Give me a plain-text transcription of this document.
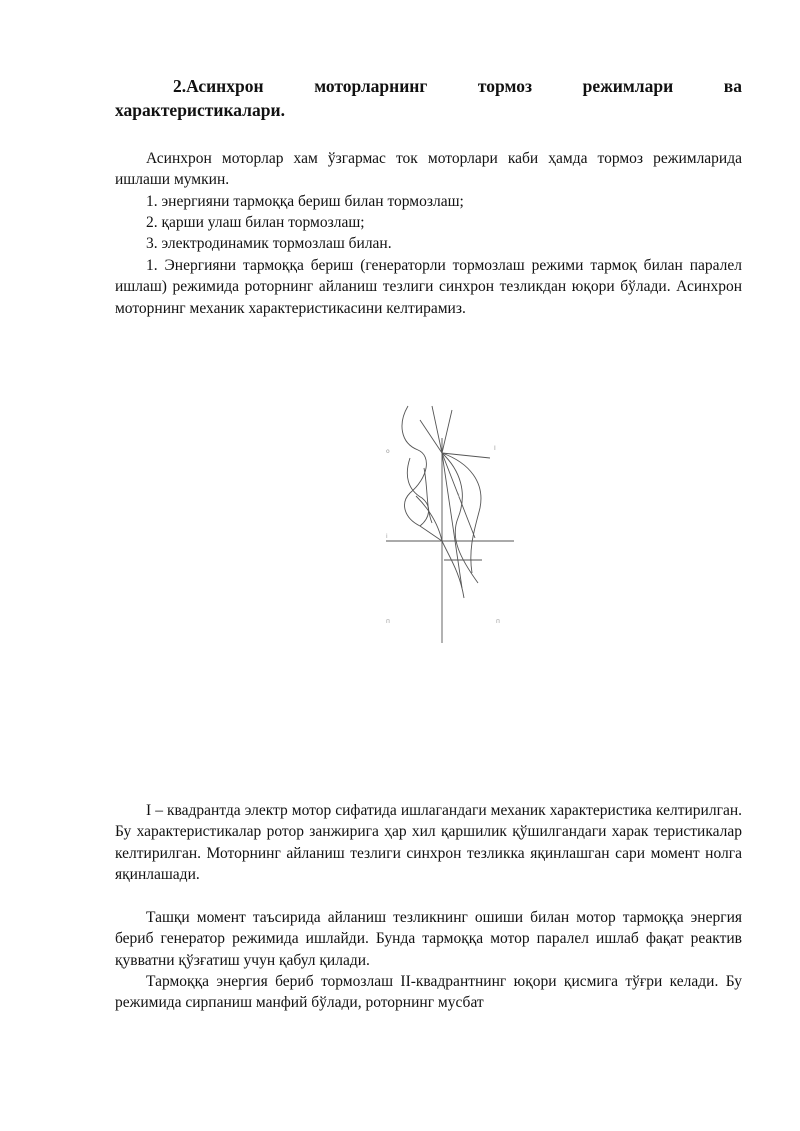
2.Асинхрон моторларнинг тормоз режимлари ва
характеристикалари.
Асинхрон моторлар хам ўзгармас ток моторлари каби ҳамда тормоз режимларида ишлаши мумкин.
1. энергияни тармоққа бериш билан тормозлаш;
2. қарши улаш билан тормозлаш;
3. электродинамик тормозлаш билан.
1. Энергияни тармоққа бериш (генераторли тормозлаш режими тармоқ билан паралел ишлаш) режимида роторнинг айланиш тезлиги синхрон тезликдан юқори бўлади. Асинхрон моторнинг механик характеристикасини келтирамиз.
о	I
і
п	п
і
I – квадрантда электр мотор сифатида ишлагандаги механик характеристика келтирилган. Бу характеристикалар ротор занжирига ҳар хил қаршилик қўшилгандаги харак теристикалар келтирилган. Моторнинг айланиш тезлиги синхрон тезликка яқинлашган сари момент нолга яқинлашади.
Ташқи момент таъсирида айланиш тезликнинг ошиши билан мотор тармоққа энергия бериб генератор режимида ишлайди. Бунда тармоққа мотор паралел ишлаб фақат реактив қувватни қўзғатиш учун қабул қилади.
Тармоққа энергия бериб тормозлаш II-квадрантнинг юқори қисмига тўғри келади. Бу режимида сирпаниш манфий бўлади, роторнинг мусбат
